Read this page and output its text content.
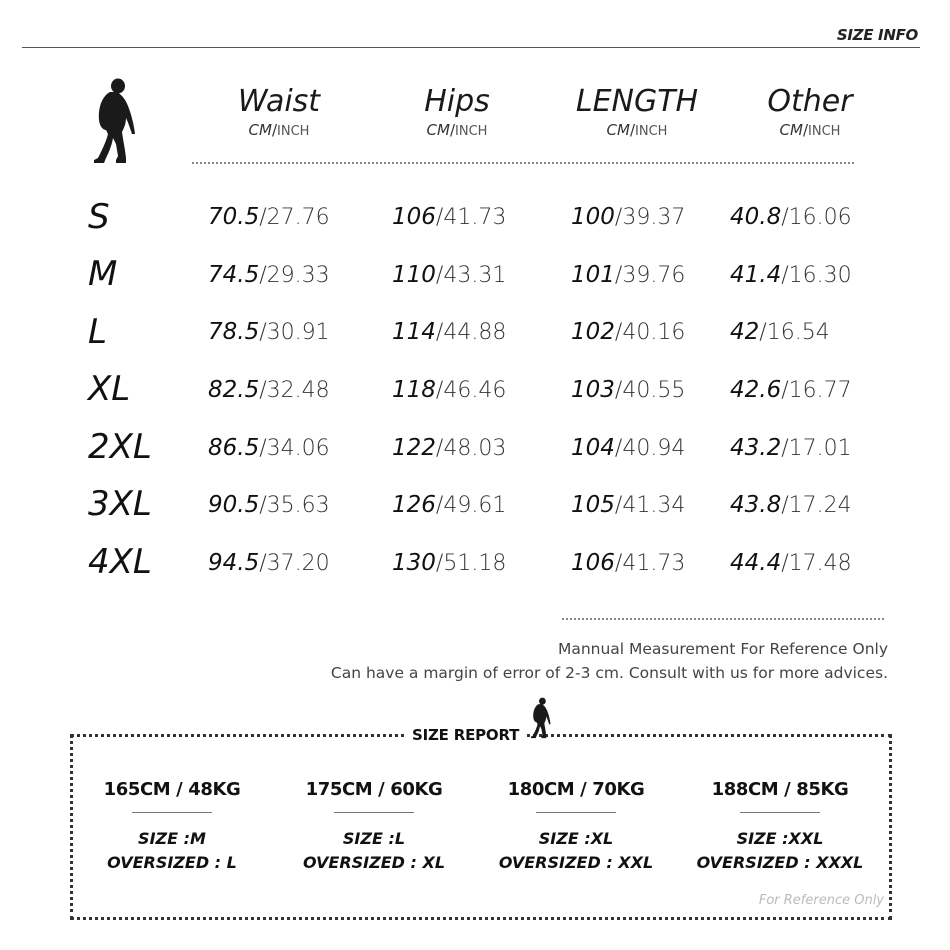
SIZE INFO
Waist
CM/INCH
Hips
CM/INCH
LENGTH
CM/INCH
Other
CM/INCH
S	70.5/27.76	106/41.73	100/39.37 40.8/16.06
M	74.5/29.33	110/43.31	101/39.76 41.4/16.30
L	78.5/30.91	114/44.88	102/40.16 42/16.54
XL	82.5/32.48	118/46.46	103/40.55 42.6/16.77
2XL 86.5/34.06	122/48.03	104/40.94 43.2/17.01
3XL 90.5/35.63	126/49.61	105/41.34 43.8/17.24
4XL 94.5/37.20	130/51.18	106/41.73 44.4/17.48
Mannual Measurement For Reference Only
Can have a margin of error of 2-3 cm. Consult with us for more advices.
SIZE REPORT
165CM / 48KG
SIZE :M
OVERSIZED : L
175CM / 60KG
SIZE :L
OVERSIZED : XL
180CM / 70KG
SIZE :XL
OVERSIZED : XXL
188CM / 85KG
SIZE :XXL
OVERSIZED : XXXL
For Reference Only
